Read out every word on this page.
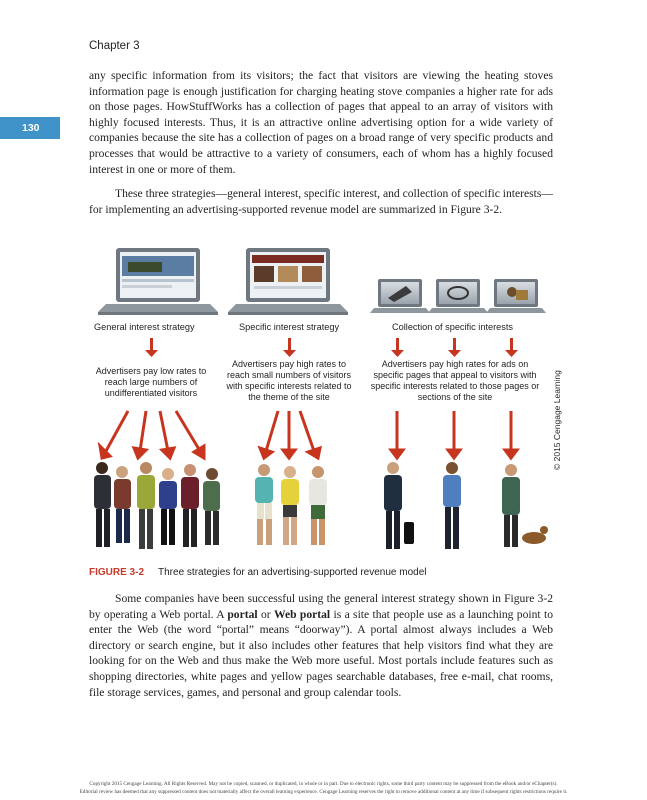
Chapter 3
130

any specific information from its visitors; the fact that visitors are viewing the heating stoves information page is enough justification for charging heating stove companies a higher rate for ads on those pages. HowStuffWorks has a collection of pages that appeal to an array of visitors with highly focused interests. Thus, it is an attractive online advertising option for a wide variety of companies because the site has a collection of pages on a broad range of very specific products and processes that would be attractive to a variety of consumers, each of whom has a highly focused interest in one or more of them.

These three strategies—general interest, specific interest, and collection of specific interests—for implementing an advertising-supported revenue model are summarized in Figure 3-2.

General interest strategy	Specific interest strategy	Collection of specific interests
Advertisers pay low rates to reach large numbers of undifferentiated visitors
Advertisers pay high rates to reach small numbers of visitors with specific interests related to the theme of the site
Advertisers pay high rates for ads on specific pages that appeal to visitors with specific interests related to those pages or sections of the site	© 2015 Cengage Learning
FIGURE 3-2 Three strategies for an advertising-supported revenue model

Some companies have been successful using the general interest strategy shown in Figure 3-2 by operating a Web portal. A portal or Web portal is a site that people use as a launching point to enter the Web (the word “portal” means “doorway”). A portal almost always includes a Web directory or search engine, but it also includes other features that help visitors find what they are looking for on the Web and thus make the Web more useful. Most portals include features such as shopping directories, white pages and yellow pages searchable databases, free e-mail, chat rooms, file storage services, games, and personal and group calendar tools.

Copyright 2015 Cengage Learning. All Rights Reserved. May not be copied, scanned, or duplicated, in whole or in part. Due to electronic rights, some third party content may be suppressed from the eBook and/or eChapter(s).
Editorial review has deemed that any suppressed content does not materially affect the overall learning experience. Cengage Learning reserves the right to remove additional content at any time if subsequent rights restrictions require it.
